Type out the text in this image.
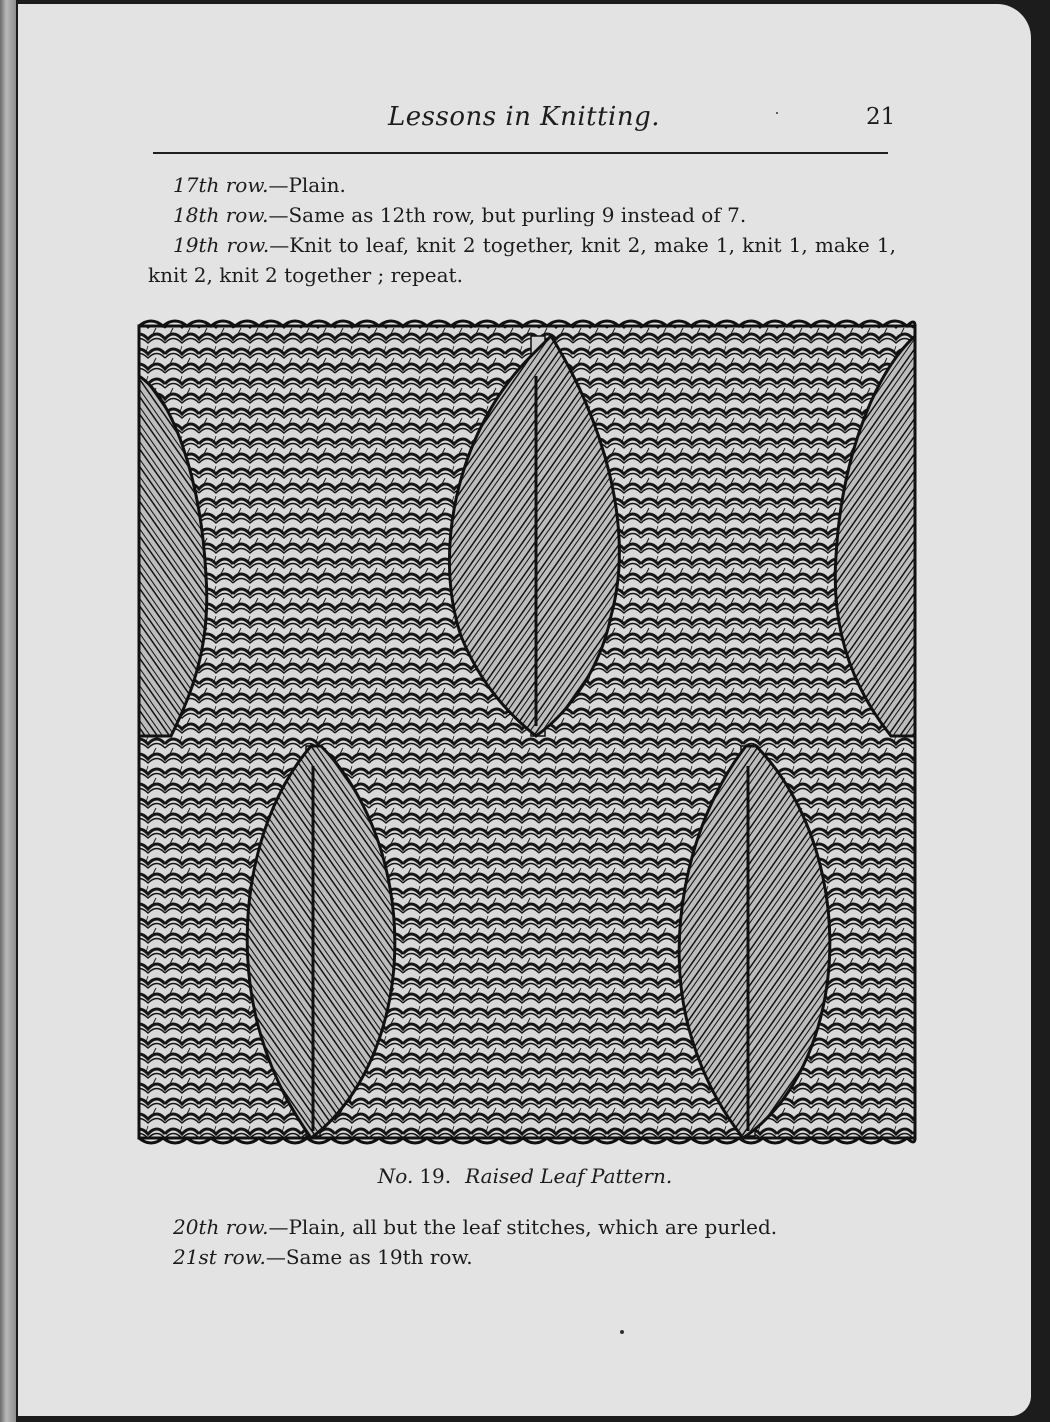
Lessons in Knitting.	21

17th row.—Plain.

18th row.—Same as 12th row, but purling 9 instead of 7.

19th row.—Knit to leaf, knit 2 together, knit 2, make 1, knit 1, make 1, knit 2, knit 2 together ; repeat.

No. 19. Raised Leaf Pattern.

20th row.—Plain, all but the leaf stitches, which are purled.

21st row.—Same as 19th row.
